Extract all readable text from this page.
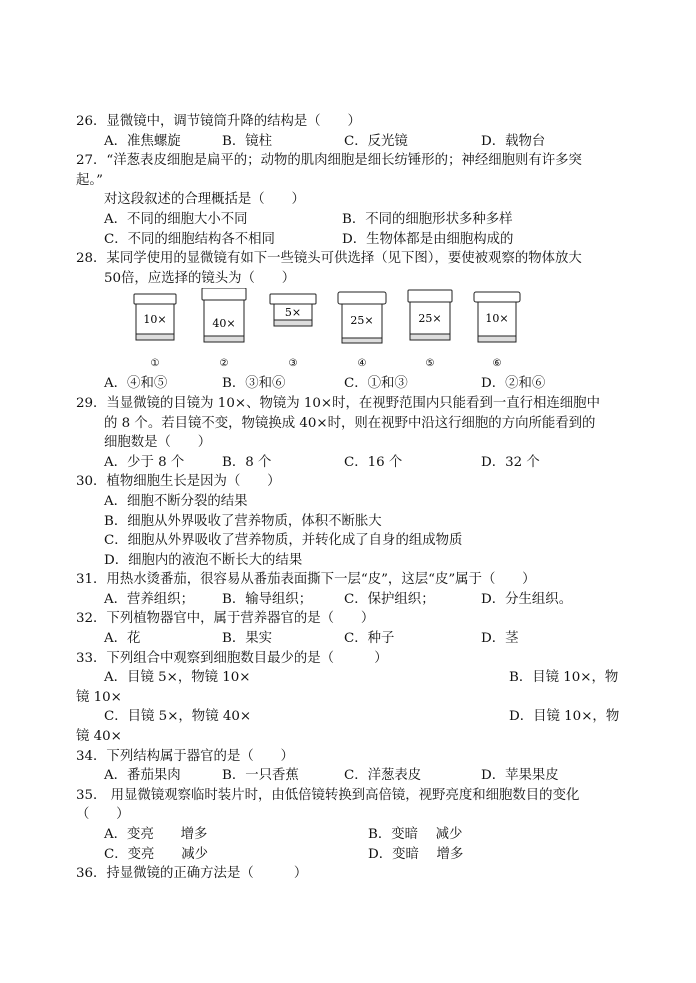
26．显微镜中，调节镜筒升降的结构是（　　）
A．准焦螺旋	B．镜柱	C．反光镜	D．载物台
27．“洋葱表皮细胞是扁平的；动物的肌肉细胞是细长纺锤形的；神经细胞则有许多突
起。”
对这段叙述的合理概括是（　　）
A．不同的细胞大小不同	B．不同的细胞形状多种多样
C．不同的细胞结构各不相同	D．生物体都是由细胞构成的
28．某同学使用的显微镜有如下一些镜头可供选择（见下图），要使被观察的物体放大
50倍，应选择的镜头为（　　）
10×
①
40×
②
5×
③
25×
④
25×
⑤
10×
⑥
A．④和⑤	B．③和⑥	C．①和③	D．②和⑥
29．当显微镜的目镜为 10×、物镜为 10×时，在视野范围内只能看到一直行相连细胞中
的 8 个。若目镜不变，物镜换成 40×时，则在视野中沿这行细胞的方向所能看到的
细胞数是（　　）
A．少于 8 个	B．8 个	C．16 个	D．32 个
30．植物细胞生长是因为（　　）
A．细胞不断分裂的结果
B．细胞从外界吸收了营养物质，体积不断胀大
C．细胞从外界吸收了营养物质，并转化成了自身的组成物质
D．细胞内的液泡不断长大的结果
31．用热水烫番茄，很容易从番茄表面撕下一层“皮”，这层“皮”属于（　　）
A．营养组织； B．输导组织； C．保护组织；	D．分生组织。
32．下列植物器官中，属于营养器官的是（　　）
A．花	B．果实	C．种子	D．茎
33．下列组合中观察到细胞数目最少的是（　　　）
A．目镜 5×，物镜 10×	B．目镜 10×，物
镜 10×
C．目镜 5×，物镜 40×	D．目镜 10×，物
镜 40×
34．下列结构属于器官的是（　　）
A．番茄果肉	B．一只香蕉	C．洋葱表皮	D．苹果果皮
35． 用显微镜观察临时装片时，由低倍镜转换到高倍镜，视野亮度和细胞数目的变化
（　　）
A．变亮　　增多	B．变暗　 减少
C．变亮　　减少	D．变暗　 增多
36．持显微镜的正确方法是（　　　）
